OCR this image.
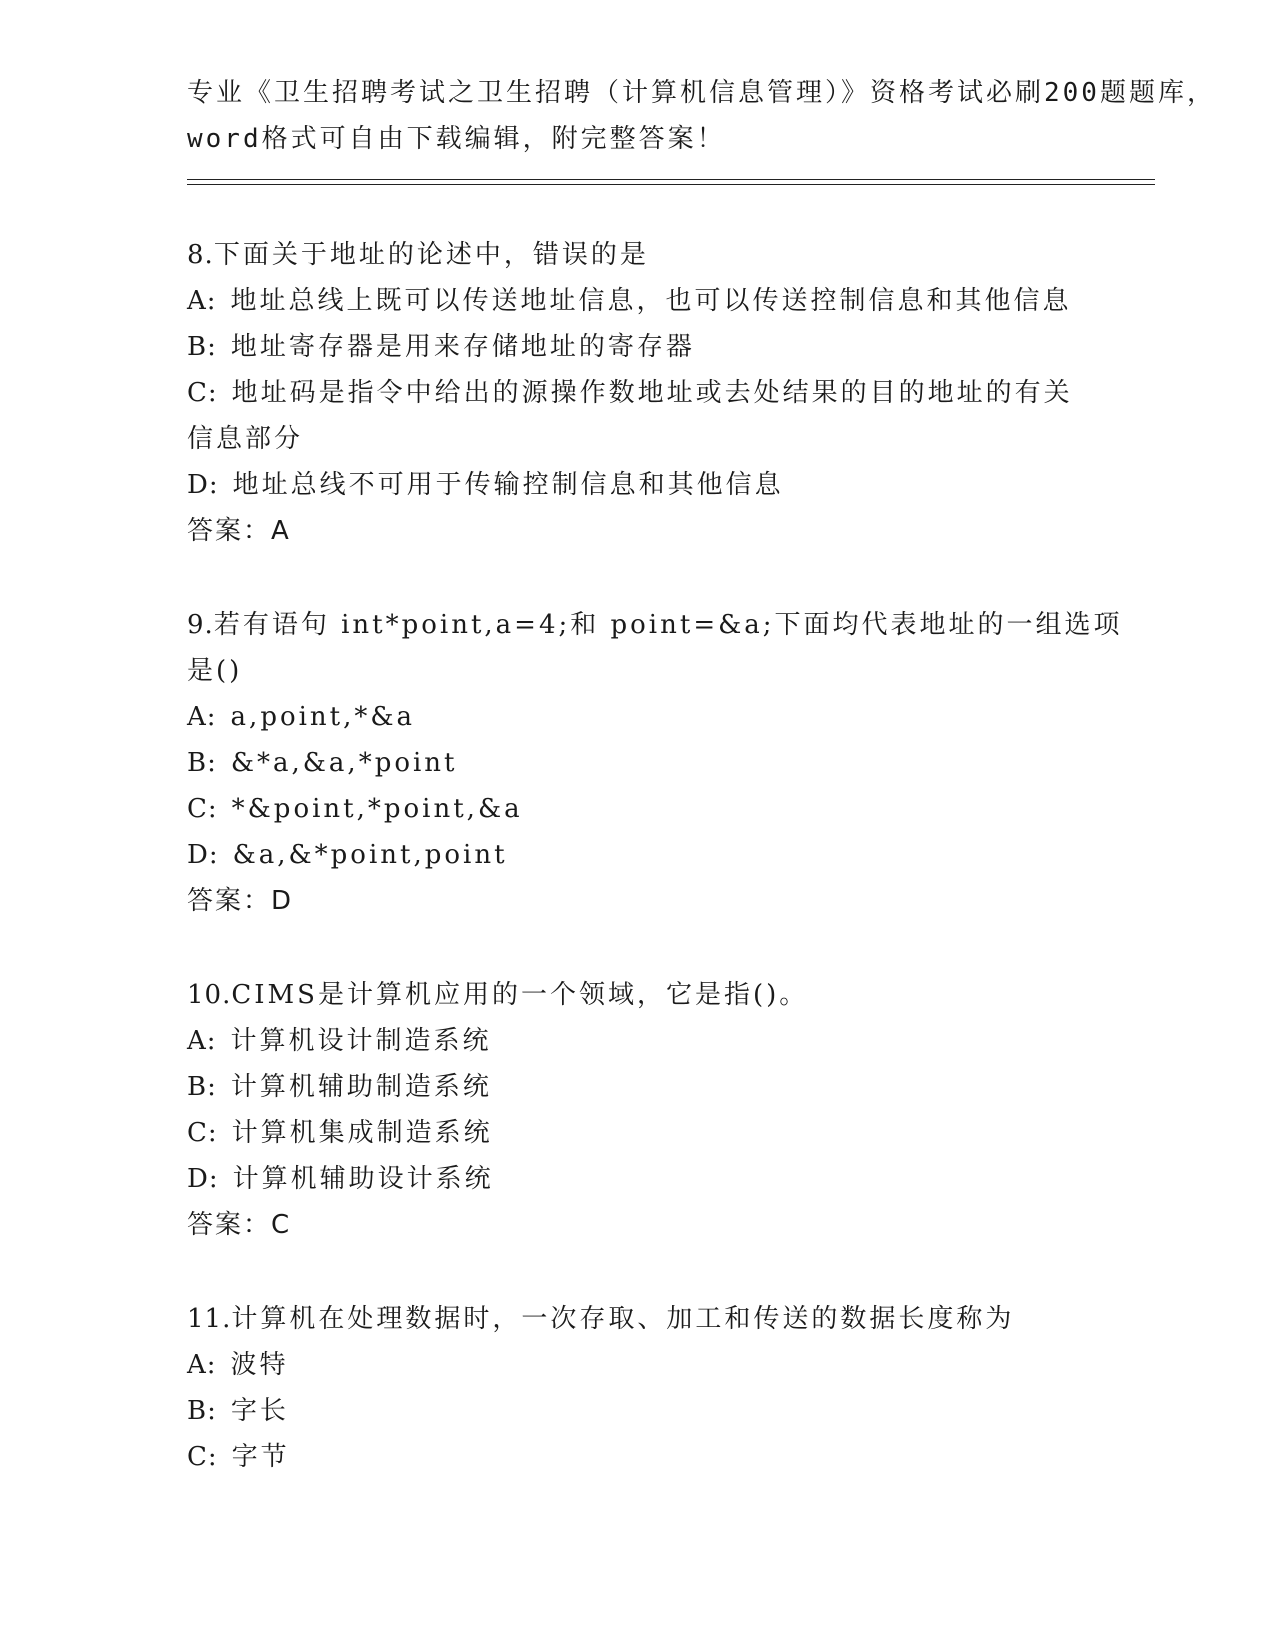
专业《卫生招聘考试之卫生招聘（计算机信息管理）》资格考试必刷200题题库，
word格式可自由下载编辑，附完整答案！
8.下面关于地址的论述中，错误的是
A: 地址总线上既可以传送地址信息，也可以传送控制信息和其他信息
B: 地址寄存器是用来存储地址的寄存器
C: 地址码是指令中给出的源操作数地址或去处结果的目的地址的有关
信息部分
D: 地址总线不可用于传输控制信息和其他信息
答案：A
9.若有语句 int*point,a=4;和 point=&a;下面均代表地址的一组选项
是()
A: a,point,*&a
B: &*a,&a,*point
C: *&point,*point,&a
D: &a,&*point,point
答案：D
10.CIMS是计算机应用的一个领域，它是指()。
A: 计算机设计制造系统
B: 计算机辅助制造系统
C: 计算机集成制造系统
D: 计算机辅助设计系统
答案：C
11.计算机在处理数据时，一次存取、加工和传送的数据长度称为
A: 波特
B: 字长
C: 字节
